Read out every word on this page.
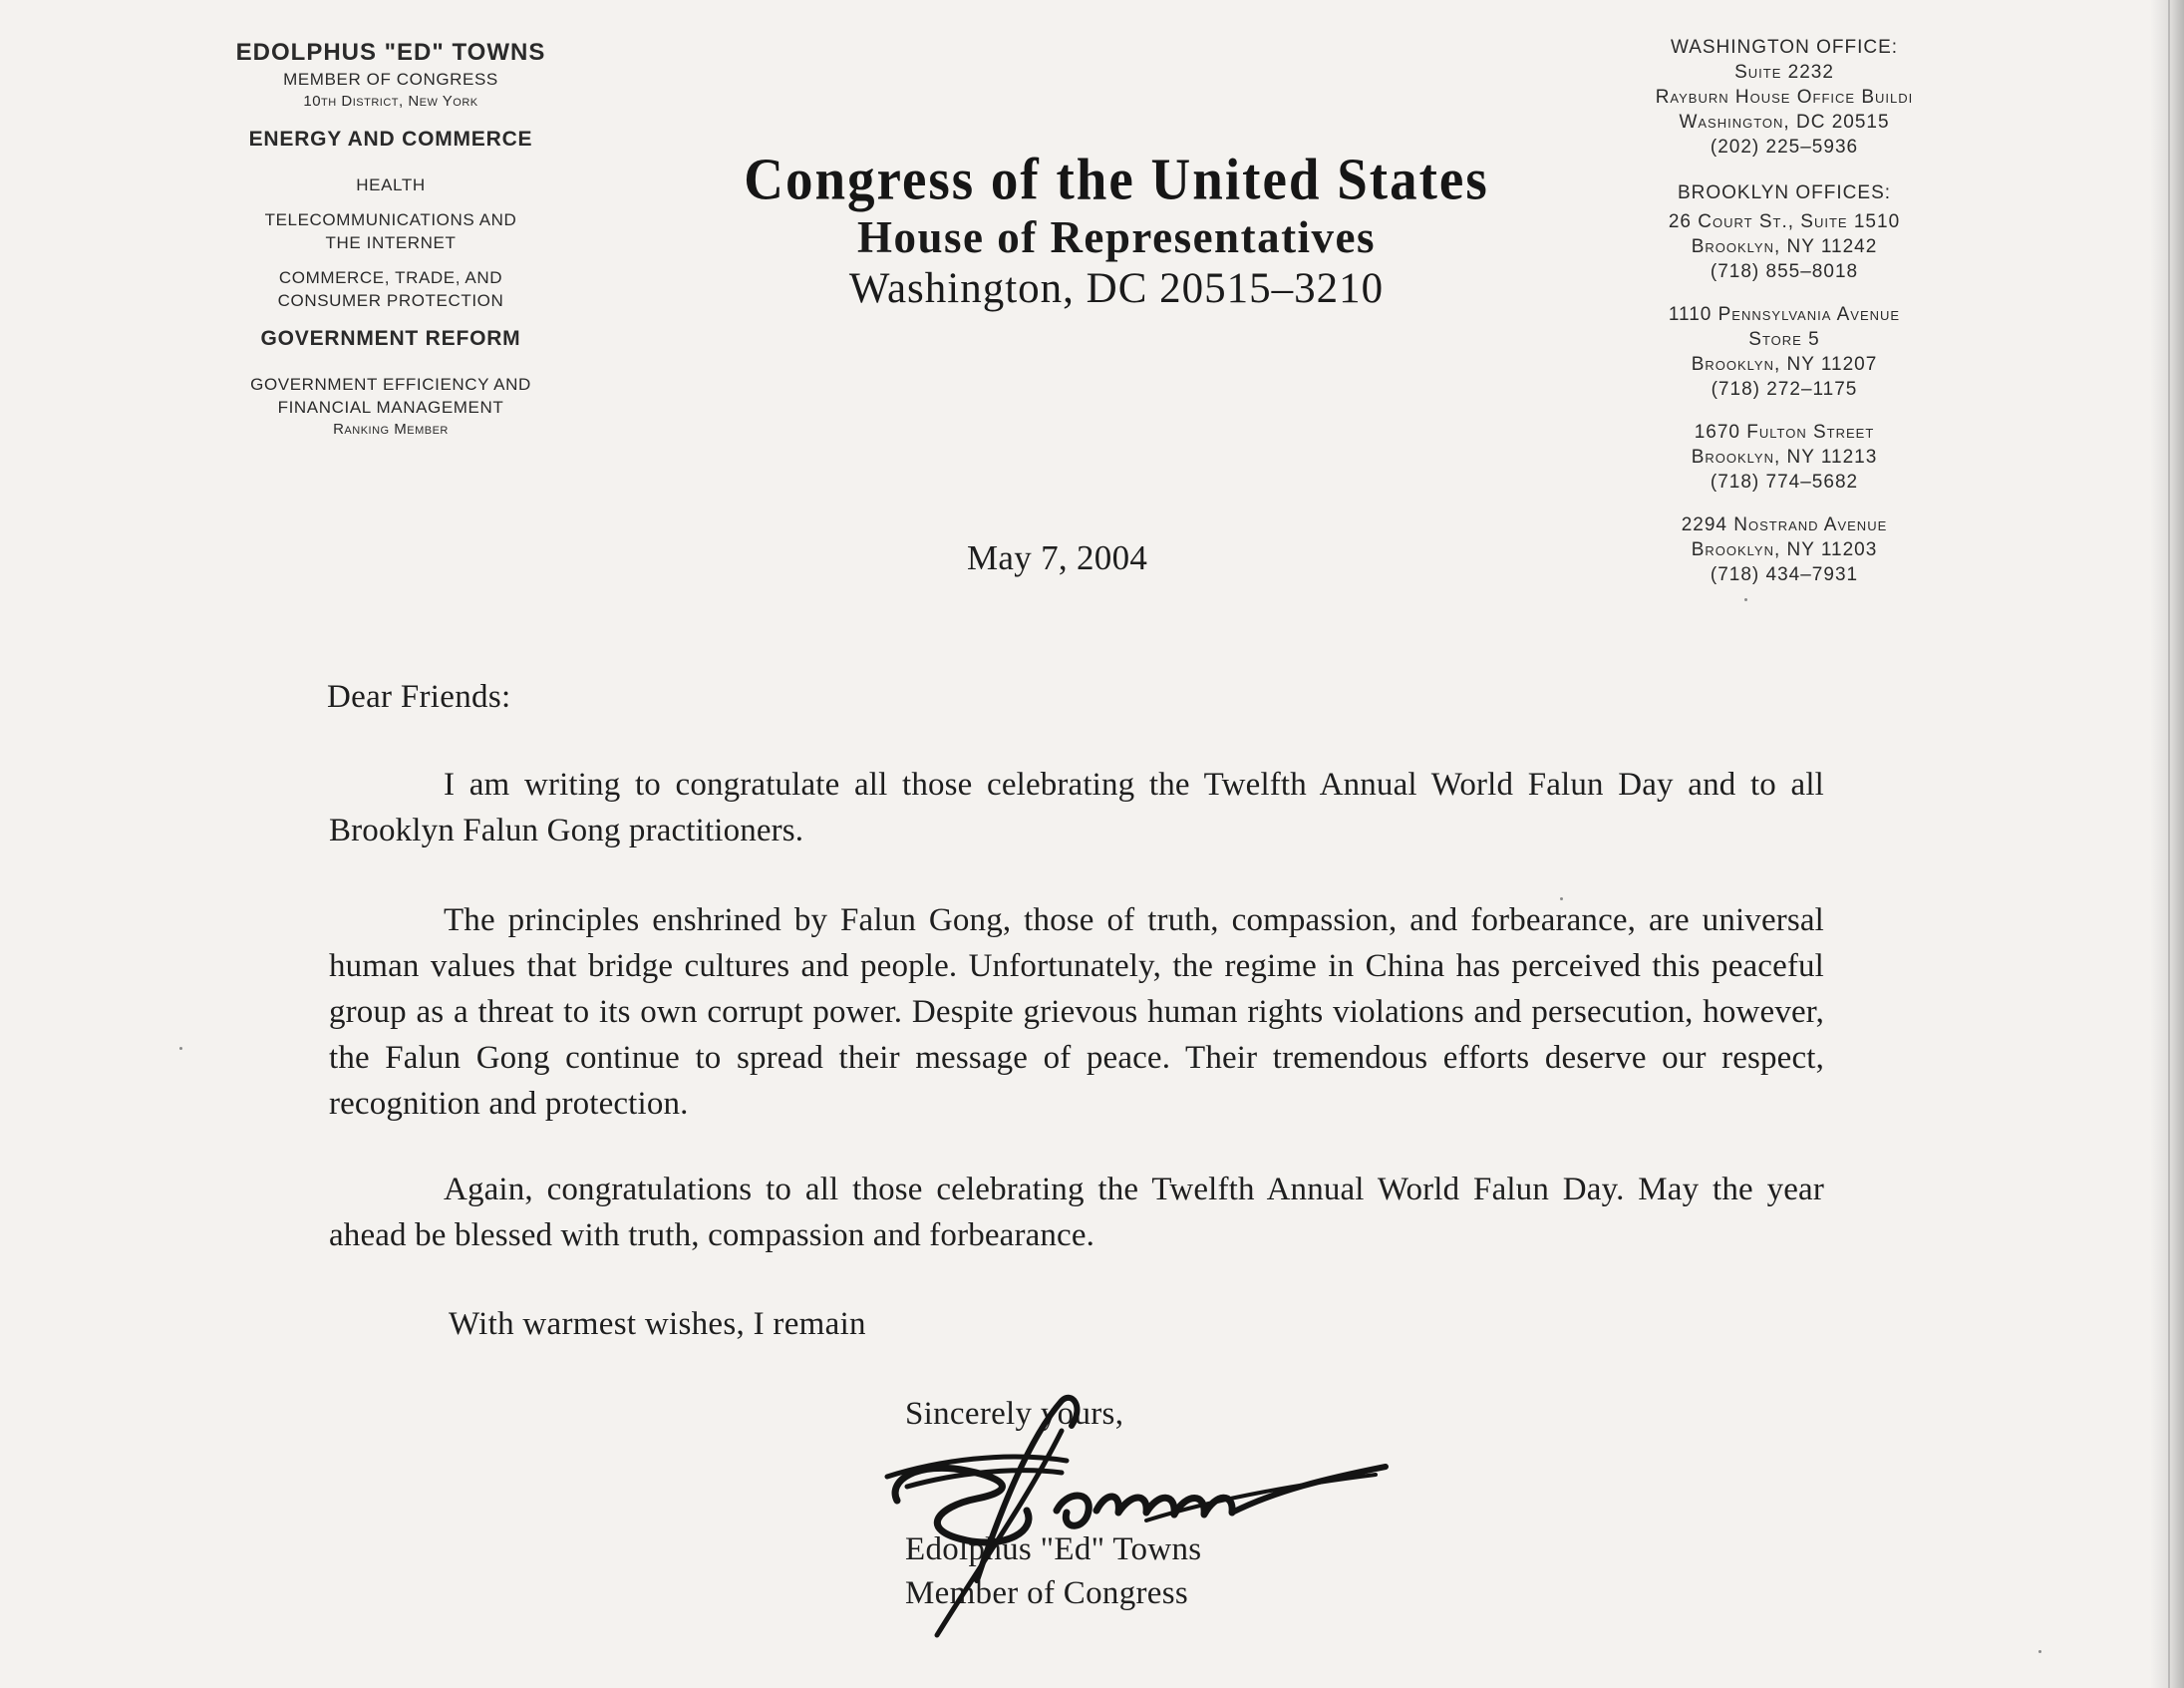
EDOLPHUS "ED" TOWNS

MEMBER OF CONGRESS

10th District, New York

ENERGY AND COMMERCE

HEALTH

TELECOMMUNICATIONS AND

THE INTERNET

COMMERCE, TRADE, AND

CONSUMER PROTECTION

GOVERNMENT REFORM

GOVERNMENT EFFICIENCY AND

FINANCIAL MANAGEMENT

Ranking Member

Congress of the United States
House of Representatives
Washington, DC 20515–3210

WASHINGTON OFFICE:

Suite 2232

Rayburn House Office Buildi

Washington, DC 20515

(202) 225–5936

BROOKLYN OFFICES:

26 Court St., Suite 1510

Brooklyn, NY 11242

(718) 855–8018

1110 Pennsylvania Avenue

Store 5

Brooklyn, NY 11207

(718) 272–1175

1670 Fulton Street

Brooklyn, NY 11213

(718) 774–5682

2294 Nostrand Avenue

Brooklyn, NY 11203

(718) 434–7931

May 7, 2004
Dear Friends:

I am writing to congratulate all those celebrating the Twelfth Annual World Falun Day and to all Brooklyn Falun Gong practitioners.

The principles enshrined by Falun Gong, those of truth, compassion, and forbearance, are universal human values that bridge cultures and people. Unfortunately, the regime in China has perceived this peaceful group as a threat to its own corrupt power. Despite grievous human rights violations and persecution, however, the Falun Gong continue to spread their message of peace. Their tremendous efforts deserve our respect, recognition and protection.

Again, congratulations to all those celebrating the Twelfth Annual World Falun Day. May the year ahead be blessed with truth, compassion and forbearance.

With warmest wishes, I remain
Sincerely yours,
Edolphus "Ed" Towns
Member of Congress
